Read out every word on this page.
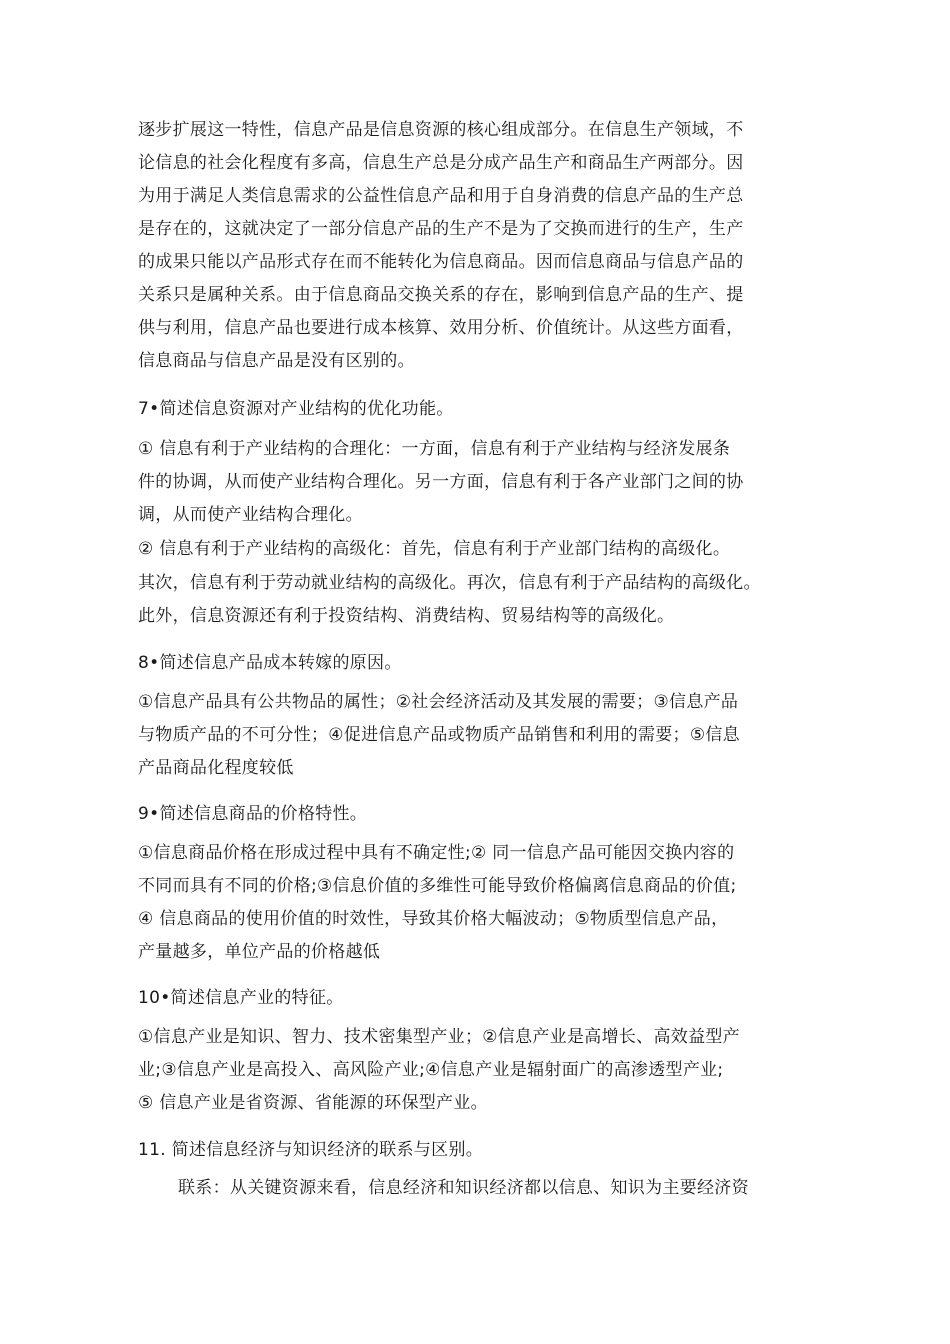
逐步扩展这一特性，信息产品是信息资源的核心组成部分。在信息生产领域，不
论信息的社会化程度有多高，信息生产总是分成产品生产和商品生产两部分。因
为用于满足人类信息需求的公益性信息产品和用于自身消费的信息产品的生产总
是存在的，这就决定了一部分信息产品的生产不是为了交换而进行的生产，生产
的成果只能以产品形式存在而不能转化为信息商品。因而信息商品与信息产品的
关系只是属种关系。由于信息商品交换关系的存在，影响到信息产品的生产、提
供与利用，信息产品也要进行成本核算、效用分析、价值统计。从这些方面看，
信息商品与信息产品是没有区别的。
7•简述信息资源对产业结构的优化功能。
① 信息有利于产业结构的合理化：一方面，信息有利于产业结构与经济发展条
件的协调，从而使产业结构合理化。另一方面，信息有利于各产业部门之间的协
调，从而使产业结构合理化。
② 信息有利于产业结构的高级化：首先，信息有利于产业部门结构的高级化。
其次，信息有利于劳动就业结构的高级化。再次，信息有利于产品结构的高级化。
此外，信息资源还有利于投资结构、消费结构、贸易结构等的高级化。
8•简述信息产品成本转嫁的原因。
①信息产品具有公共物品的属性；②社会经济活动及其发展的需要；③信息产品
与物质产品的不可分性；④促进信息产品或物质产品销售和利用的需要；⑤信息
产品商品化程度较低
9•简述信息商品的价格特性。
①信息商品价格在形成过程中具有不确定性;② 同一信息产品可能因交换内容的
不同而具有不同的价格;③信息价值的多维性可能导致价格偏离信息商品的价值;
④ 信息商品的使用价值的时效性，导致其价格大幅波动；⑤物质型信息产品，
产量越多，单位产品的价格越低
10•简述信息产业的特征。
①信息产业是知识、智力、技术密集型产业；②信息产业是高增长、高效益型产
业;③信息产业是高投入、高风险产业;④信息产业是辐射面广的高渗透型产业;
⑤ 信息产业是省资源、省能源的环保型产业。
11. 简述信息经济与知识经济的联系与区别。
联系：从关键资源来看，信息经济和知识经济都以信息、知识为主要经济资
